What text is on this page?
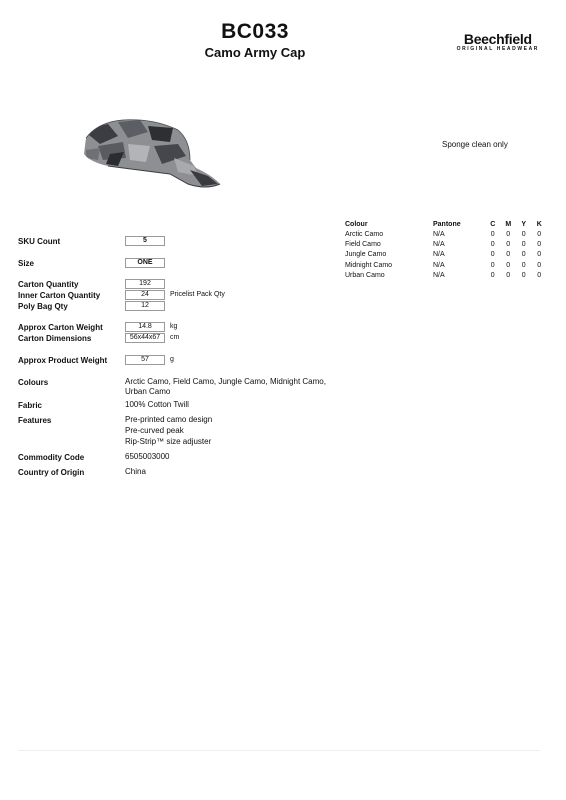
BC033
Camo Army Cap
Beechfield
ORIGINAL HEADWEAR
Sponge clean only
SKU Count	5
Size	ONE
Carton Quantity	192
Inner Carton Quantity	24	Pricelist Pack Qty
Poly Bag Qty	12
Approx Carton Weight	14.8	kg
Carton Dimensions	56x44x67	cm
Approx Product Weight	57	g
Colours	Arctic Camo, Field Camo, Jungle Camo, Midnight Camo, Urban Camo
Fabric	100% Cotton Twill
Features	Pre-printed camo design
Pre-curved peak
Rip-Strip™ size adjuster
Commodity Code	6505003000
Country of Origin	China
Colour	Pantone	C	M	Y	K
Arctic Camo	N/A	0	0	0	0
Field Camo	N/A	0	0	0	0
Jungle Camo	N/A	0	0	0	0
Midnight Camo	N/A	0	0	0	0
Urban Camo	N/A	0	0	0	0
